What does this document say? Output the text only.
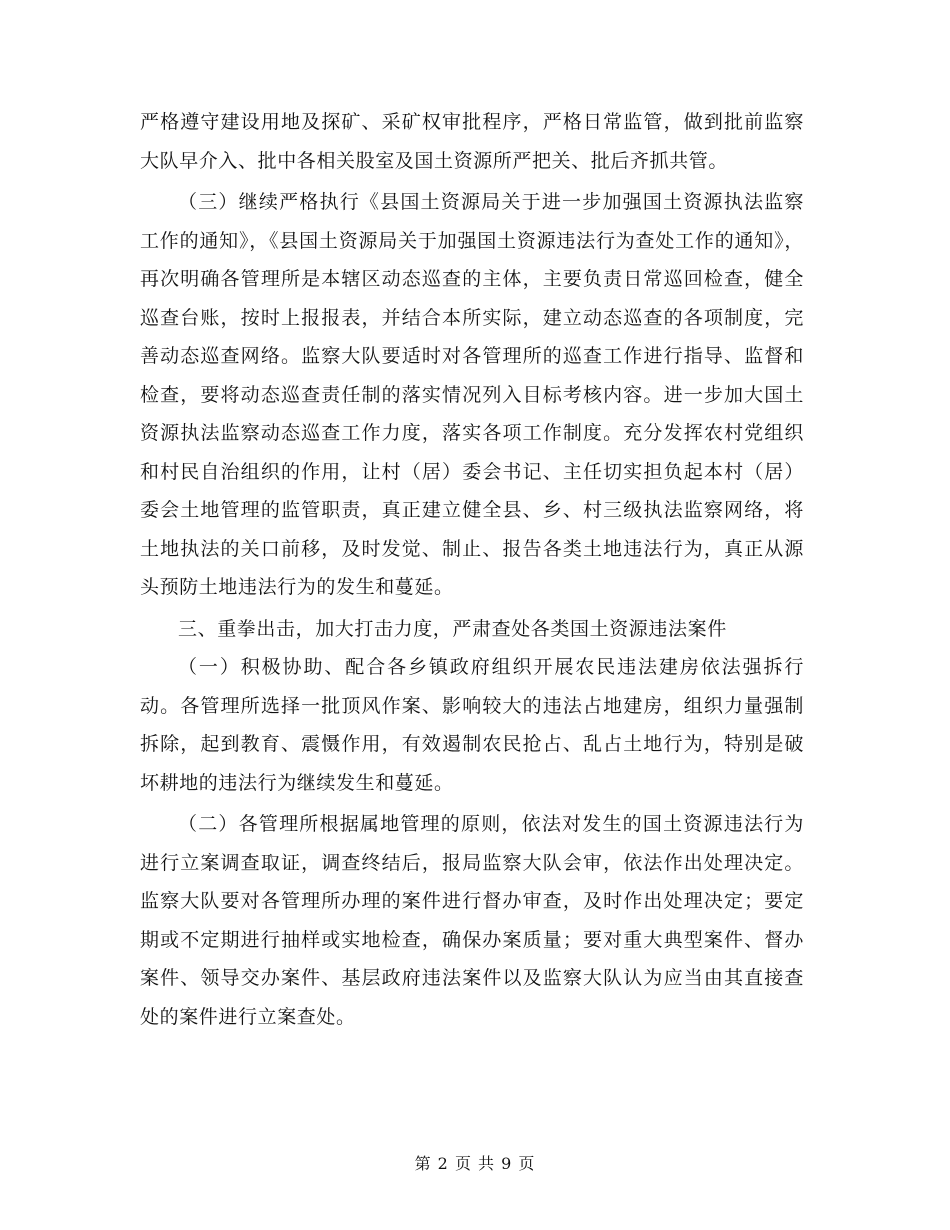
严格遵守建设用地及探矿、采矿权审批程序，严格日常监管，做到批前监察大队早介入、批中各相关股室及国土资源所严把关、批后齐抓共管。

（三）继续严格执行《县国土资源局关于进一步加强国土资源执法监察工作的通知》，《县国土资源局关于加强国土资源违法行为查处工作的通知》，再次明确各管理所是本辖区动态巡查的主体，主要负责日常巡回检查，健全巡查台账，按时上报报表，并结合本所实际，建立动态巡查的各项制度，完善动态巡查网络。监察大队要适时对各管理所的巡查工作进行指导、监督和检查，要将动态巡查责任制的落实情况列入目标考核内容。进一步加大国土资源执法监察动态巡查工作力度，落实各项工作制度。充分发挥农村党组织和村民自治组织的作用，让村（居）委会书记、主任切实担负起本村（居）委会土地管理的监管职责，真正建立健全县、乡、村三级执法监察网络，将土地执法的关口前移，及时发觉、制止、报告各类土地违法行为，真正从源头预防土地违法行为的发生和蔓延。

三、重拳出击，加大打击力度，严肃查处各类国土资源违法案件

（一）积极协助、配合各乡镇政府组织开展农民违法建房依法强拆行动。各管理所选择一批顶风作案、影响较大的违法占地建房，组织力量强制拆除，起到教育、震慑作用，有效遏制农民抢占、乱占土地行为，特别是破坏耕地的违法行为继续发生和蔓延。

（二）各管理所根据属地管理的原则，依法对发生的国土资源违法行为进行立案调查取证，调查终结后，报局监察大队会审，依法作出处理决定。监察大队要对各管理所办理的案件进行督办审查，及时作出处理决定；要定期或不定期进行抽样或实地检查，确保办案质量；要对重大典型案件、督办案件、领导交办案件、基层政府违法案件以及监察大队认为应当由其直接查处的案件进行立案查处。

第 2 页 共 9 页
